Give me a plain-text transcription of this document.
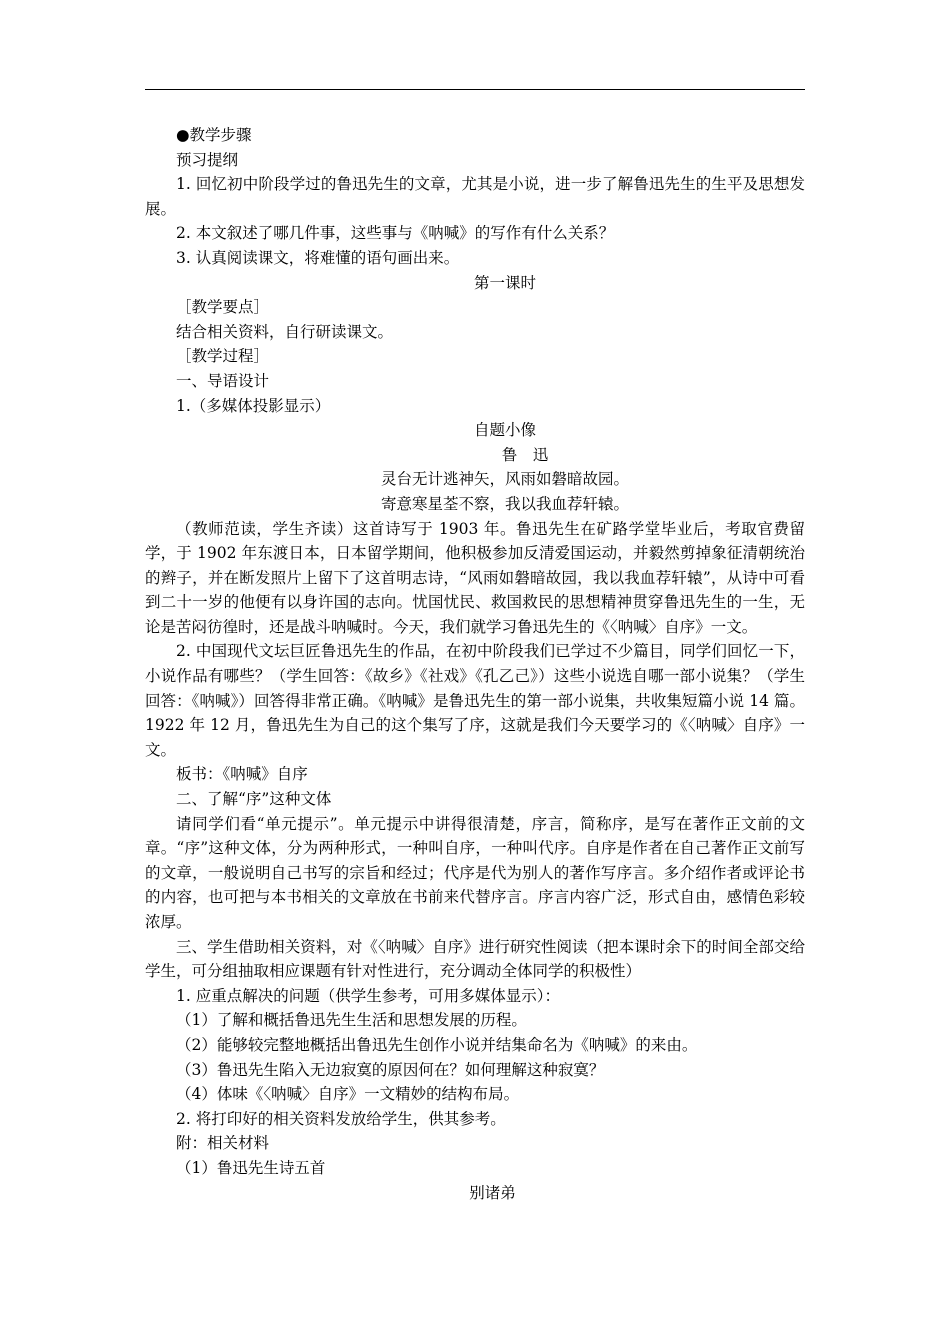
●教学步骤
预习提纲
1. 回忆初中阶段学过的鲁迅先生的文章，尤其是小说，进一步了解鲁迅先生的生平及思想发展。
2. 本文叙述了哪几件事，这些事与《呐喊》的写作有什么关系？
3. 认真阅读课文，将难懂的语句画出来。
第一课时
［教学要点］
结合相关资料，自行研读课文。
［教学过程］
一、导语设计
1.（多媒体投影显示）
自题小像
鲁　迅
灵台无计逃神矢，风雨如磐暗故园。
寄意寒星荃不察，我以我血荐轩辕。
（教师范读，学生齐读）这首诗写于 1903 年。鲁迅先生在矿路学堂毕业后，考取官费留学，于 1902 年东渡日本，日本留学期间，他积极参加反清爱国运动，并毅然剪掉象征清朝统治的辫子，并在断发照片上留下了这首明志诗，“风雨如磐暗故园，我以我血荐轩辕”，从诗中可看到二十一岁的他便有以身许国的志向。忧国忧民、救国救民的思想精神贯穿鲁迅先生的一生，无论是苦闷彷徨时，还是战斗呐喊时。今天，我们就学习鲁迅先生的《〈呐喊〉自序》一文。
2. 中国现代文坛巨匠鲁迅先生的作品，在初中阶段我们已学过不少篇目，同学们回忆一下，小说作品有哪些？（学生回答：《故乡》《社戏》《孔乙己》）这些小说选自哪一部小说集？（学生回答：《呐喊》）回答得非常正确。《呐喊》是鲁迅先生的第一部小说集，共收集短篇小说 14 篇。1922 年 12 月，鲁迅先生为自己的这个集写了序，这就是我们今天要学习的《〈呐喊〉自序》一文。
板书：《呐喊》自序
二、了解“序”这种文体
请同学们看“单元提示”。单元提示中讲得很清楚，序言，简称序，是写在著作正文前的文章。“序”这种文体，分为两种形式，一种叫自序，一种叫代序。自序是作者在自己著作正文前写的文章，一般说明自己书写的宗旨和经过；代序是代为别人的著作写序言。多介绍作者或评论书的内容，也可把与本书相关的文章放在书前来代替序言。序言内容广泛，形式自由，感情色彩较浓厚。
三、学生借助相关资料，对《〈呐喊〉自序》进行研究性阅读（把本课时余下的时间全部交给学生，可分组抽取相应课题有针对性进行，充分调动全体同学的积极性）
1. 应重点解决的问题（供学生参考，可用多媒体显示）：
（1）了解和概括鲁迅先生生活和思想发展的历程。
（2）能够较完整地概括出鲁迅先生创作小说并结集命名为《呐喊》的来由。
（3）鲁迅先生陷入无边寂寞的原因何在？如何理解这种寂寞？
（4）体味《〈呐喊〉自序》一文精妙的结构布局。
2. 将打印好的相关资料发放给学生，供其参考。
附：相关材料
（1）鲁迅先生诗五首
别诸弟
